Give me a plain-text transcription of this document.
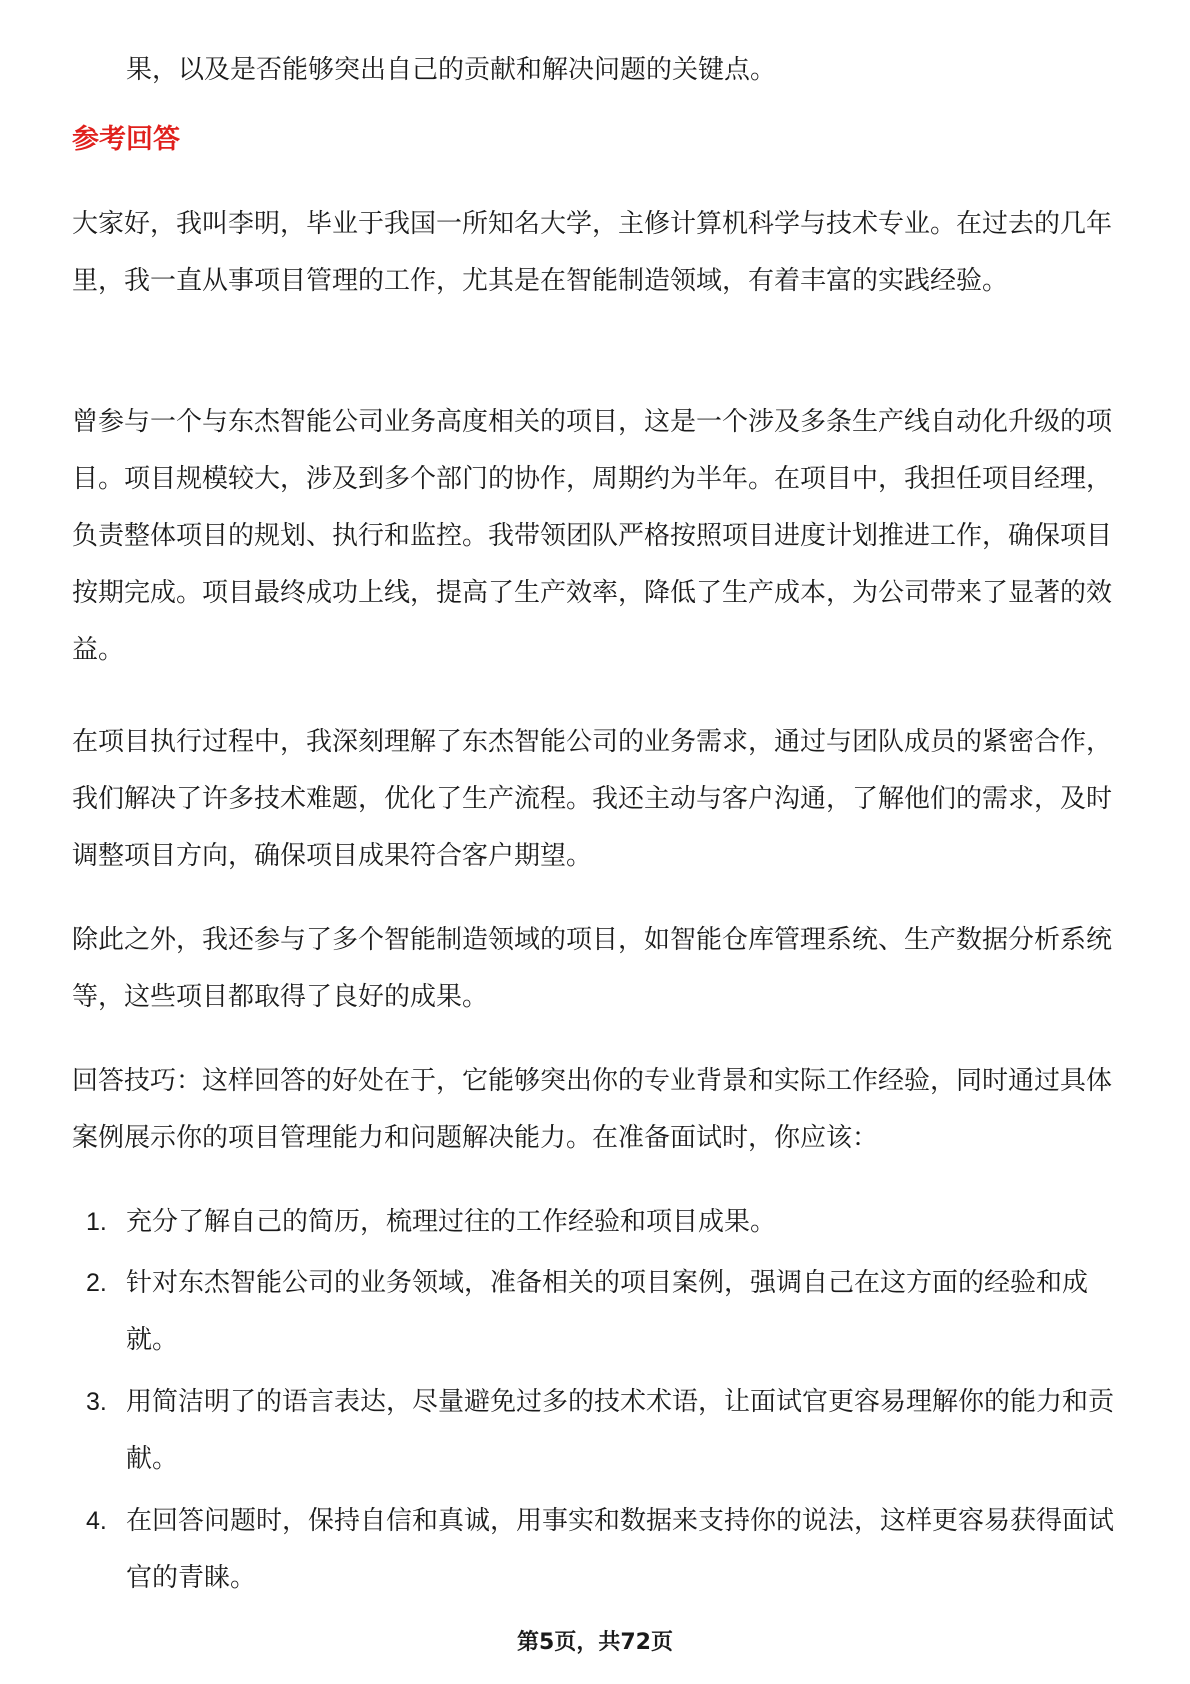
果，以及是否能够突出自己的贡献和解决问题的关键点。

参考回答

大家好，我叫李明，毕业于我国一所知名大学，主修计算机科学与技术专业。在过去的几年里，我一直从事项目管理的工作，尤其是在智能制造领域，有着丰富的实践经验。

曾参与一个与东杰智能公司业务高度相关的项目，这是一个涉及多条生产线自动化升级的项目。项目规模较大，涉及到多个部门的协作，周期约为半年。在项目中，我担任项目经理，负责整体项目的规划、执行和监控。我带领团队严格按照项目进度计划推进工作，确保项目按期完成。项目最终成功上线，提高了生产效率，降低了生产成本，为公司带来了显著的效益。

在项目执行过程中，我深刻理解了东杰智能公司的业务需求，通过与团队成员的紧密合作，我们解决了许多技术难题，优化了生产流程。我还主动与客户沟通，了解他们的需求，及时调整项目方向，确保项目成果符合客户期望。

除此之外，我还参与了多个智能制造领域的项目，如智能仓库管理系统、生产数据分析系统等，这些项目都取得了良好的成果。

回答技巧：这样回答的好处在于，它能够突出你的专业背景和实际工作经验，同时通过具体案例展示你的项目管理能力和问题解决能力。在准备面试时，你应该：

1. 充分了解自己的简历，梳理过往的工作经验和项目成果。
2. 针对东杰智能公司的业务领域，准备相关的项目案例，强调自己在这方面的经验和成就。
3. 用简洁明了的语言表达，尽量避免过多的技术术语，让面试官更容易理解你的能力和贡献。
4. 在回答问题时，保持自信和真诚，用事实和数据来支持你的说法，这样更容易获得面试官的青睐。
第5页，共72页
